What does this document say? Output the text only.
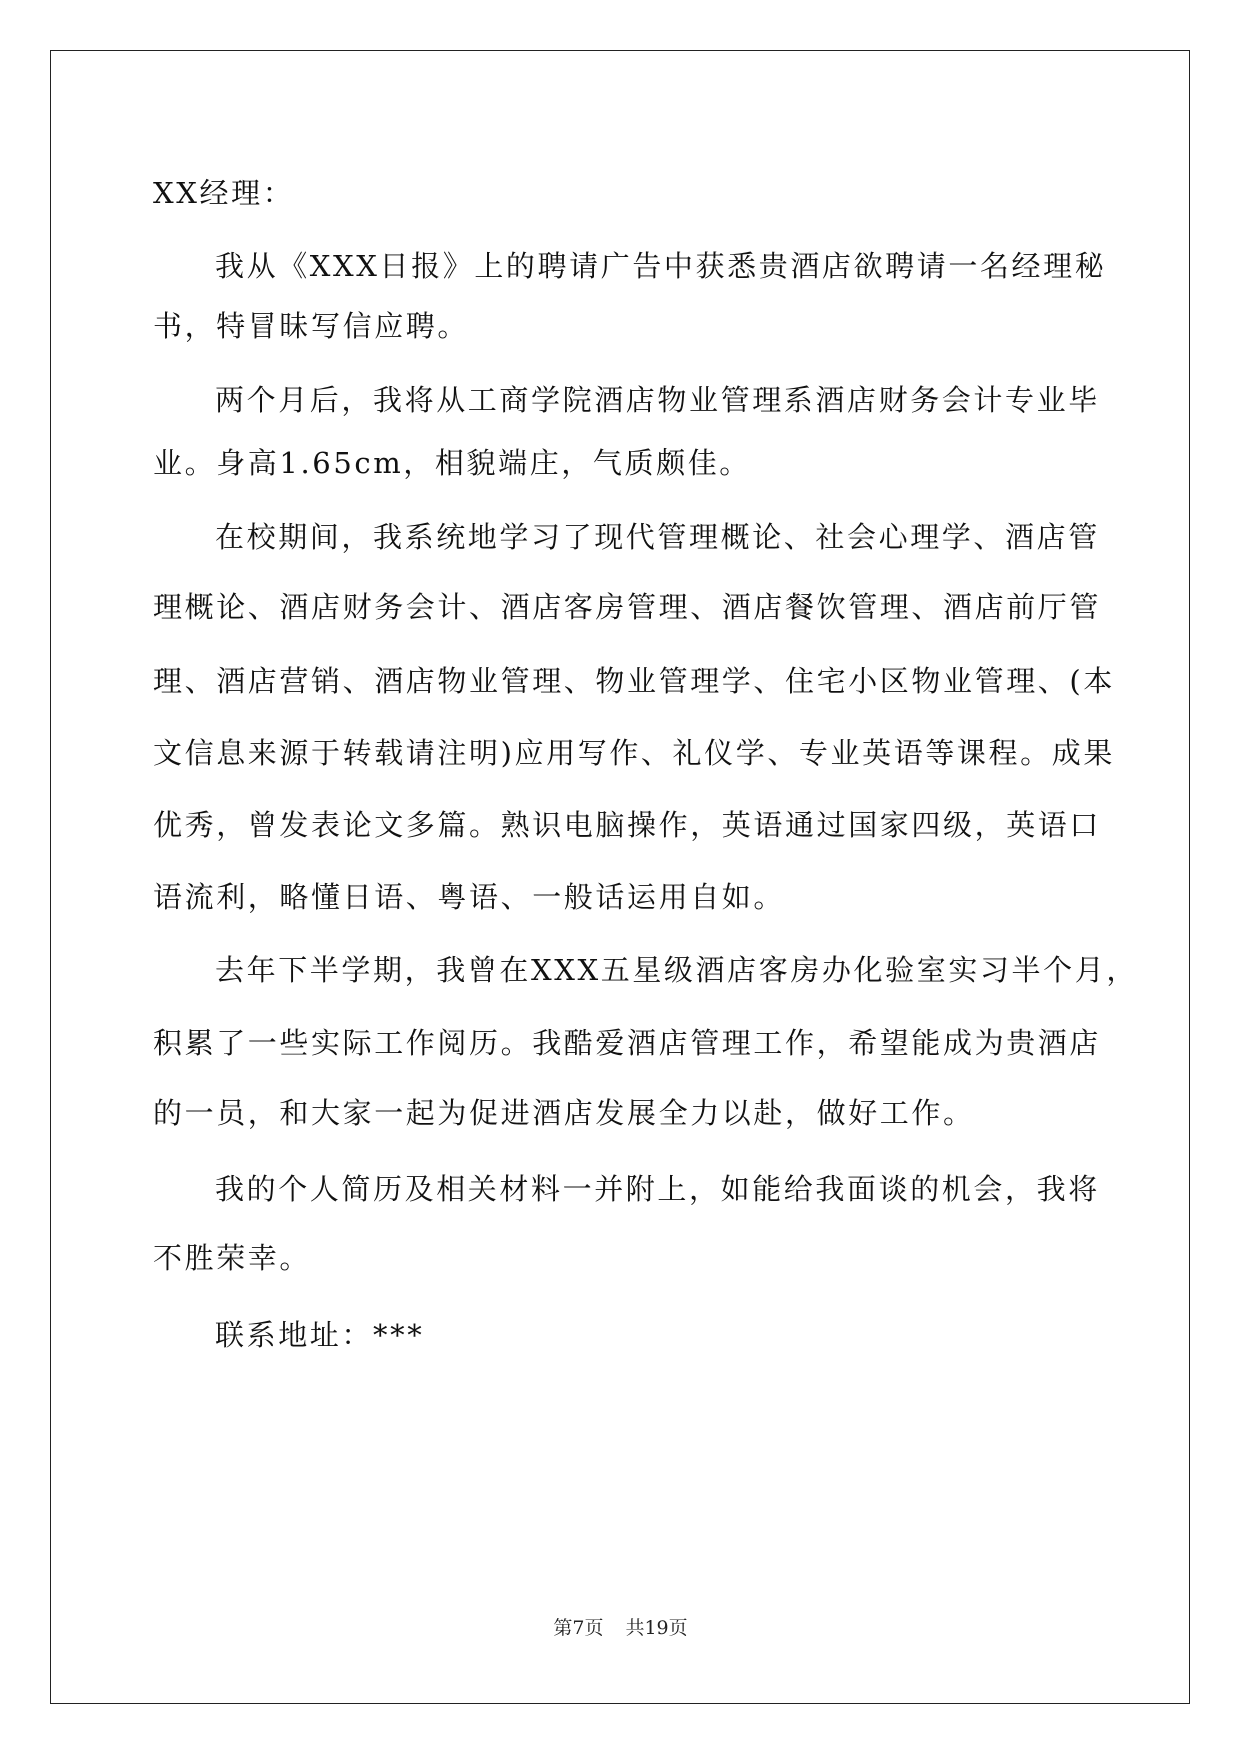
XX经理：
我从《XXX日报》上的聘请广告中获悉贵酒店欲聘请一名经理秘
书，特冒昧写信应聘。
两个月后，我将从工商学院酒店物业管理系酒店财务会计专业毕
业。身高1.65cm，相貌端庄，气质颇佳。
在校期间，我系统地学习了现代管理概论、社会心理学、酒店管
理概论、酒店财务会计、酒店客房管理、酒店餐饮管理、酒店前厅管
理、酒店营销、酒店物业管理、物业管理学、住宅小区物业管理、(本
文信息来源于转载请注明)应用写作、礼仪学、专业英语等课程。成果
优秀，曾发表论文多篇。熟识电脑操作，英语通过国家四级，英语口
语流利，略懂日语、粤语、一般话运用自如。
去年下半学期，我曾在XXX五星级酒店客房办化验室实习半个月，
积累了一些实际工作阅历。我酷爱酒店管理工作，希望能成为贵酒店
的一员，和大家一起为促进酒店发展全力以赴，做好工作。
我的个人简历及相关材料一并附上，如能给我面谈的机会，我将
不胜荣幸。
联系地址：***
第7页 共19页
